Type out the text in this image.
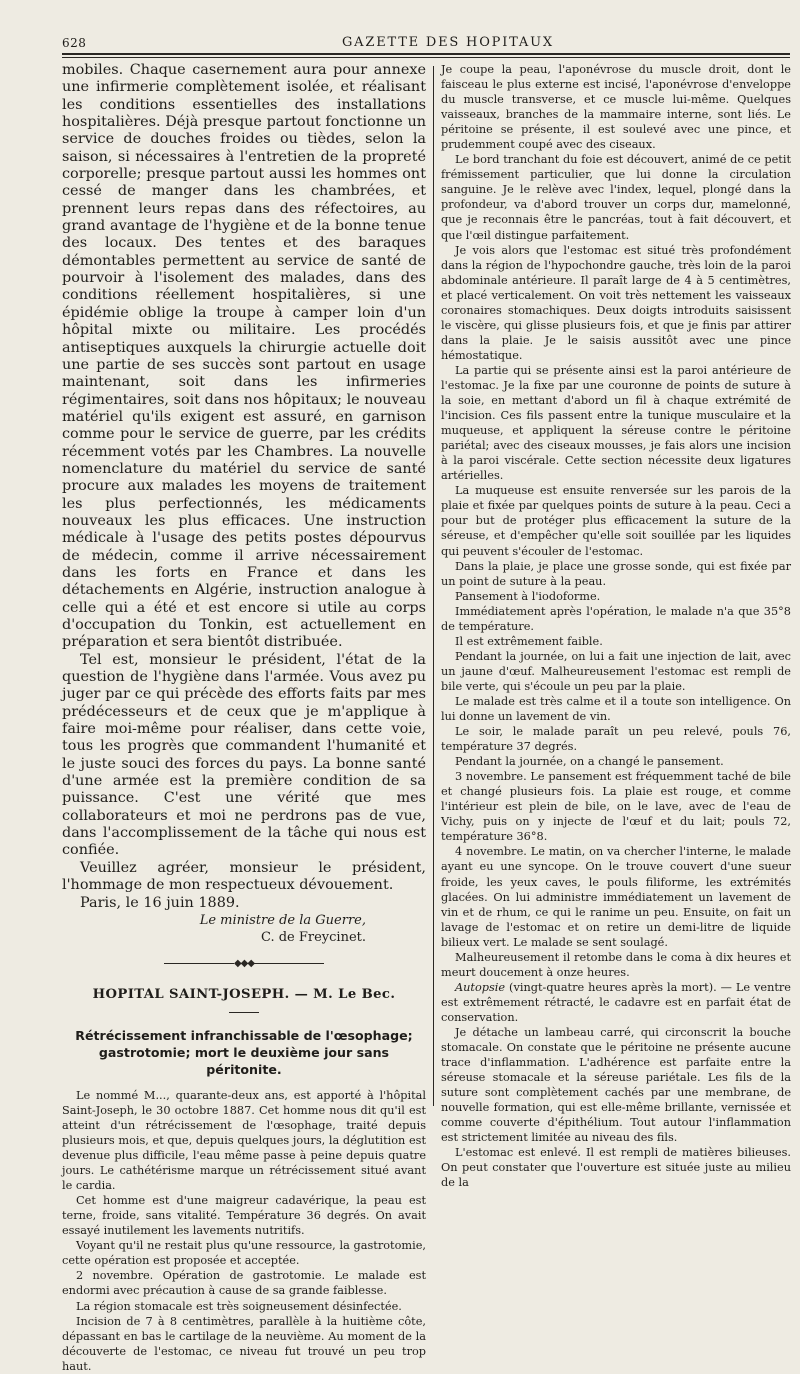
628	GAZETTE DES HOPITAUX

mobiles. Chaque casernement aura pour annexe une infirmerie complètement isolée, et réalisant les conditions essentielles des installations hospitalières. Déjà presque partout fonctionne un service de douches froides ou tièdes, selon la saison, si nécessaires à l'entretien de la propreté corporelle; presque partout aussi les hommes ont cessé de manger dans les chambrées, et prennent leurs repas dans des réfectoires, au grand avantage de l'hygiène et de la bonne tenue des locaux. Des tentes et des baraques démontables permettent au service de santé de pourvoir à l'isolement des malades, dans des conditions réellement hospitalières, si une épidémie oblige la troupe à camper loin d'un hôpital mixte ou militaire. Les procédés antiseptiques auxquels la chirurgie actuelle doit une partie de ses succès sont partout en usage maintenant, soit dans les infirmeries régimentaires, soit dans nos hôpitaux; le nouveau matériel qu'ils exigent est assuré, en garnison comme pour le service de guerre, par les crédits récemment votés par les Chambres. La nouvelle nomenclature du matériel du service de santé procure aux malades les moyens de traitement les plus perfectionnés, les médicaments nouveaux les plus efficaces. Une instruction médicale à l'usage des petits postes dépourvus de médecin, comme il arrive nécessairement dans les forts en France et dans les détachements en Algérie, instruction analogue à celle qui a été et est encore si utile au corps d'occupation du Tonkin, est actuellement en préparation et sera bientôt distribuée.

Tel est, monsieur le président, l'état de la question de l'hygiène dans l'armée. Vous avez pu juger par ce qui précède des efforts faits par mes prédécesseurs et de ceux que je m'applique à faire moi-même pour réaliser, dans cette voie, tous les progrès que commandent l'humanité et le juste souci des forces du pays. La bonne santé d'une armée est la première condition de sa puissance. C'est une vérité que mes collaborateurs et moi ne perdrons pas de vue, dans l'accomplissement de la tâche qui nous est confiée.

Veuillez agréer, monsieur le président, l'hommage de mon respectueux dévouement.

Paris, le 16 juin 1889.

Le ministre de la Guerre,

C. de Freycinet.

◆◆◆

HOPITAL SAINT-JOSEPH. — M. Le Bec.

Rétrécissement infranchissable de l'œsophage; gastrotomie; mort le deuxième jour sans péritonite.

Le nommé M..., quarante-deux ans, est apporté à l'hôpital Saint-Joseph, le 30 octobre 1887. Cet homme nous dit qu'il est atteint d'un rétrécissement de l'œsophage, traité depuis plusieurs mois, et que, depuis quelques jours, la déglutition est devenue plus difficile, l'eau même passe à peine depuis quatre jours. Le cathétérisme marque un rétrécissement situé avant le cardia.

Cet homme est d'une maigreur cadavérique, la peau est terne, froide, sans vitalité. Température 36 degrés. On avait essayé inutilement les lavements nutritifs.

Voyant qu'il ne restait plus qu'une ressource, la gastrotomie, cette opération est proposée et acceptée.

2 novembre. Opération de gastrotomie. Le malade est endormi avec précaution à cause de sa grande faiblesse.

La région stomacale est très soigneusement désinfectée.

Incision de 7 à 8 centimètres, parallèle à la huitième côte, dépassant en bas le cartilage de la neuvième. Au moment de la découverte de l'estomac, ce niveau fut trouvé un peu trop haut.

Je coupe la peau, l'aponévrose du muscle droit, dont le faisceau le plus externe est incisé, l'aponévrose d'enveloppe du muscle transverse, et ce muscle lui-même. Quelques vaisseaux, branches de la mammaire interne, sont liés. Le péritoine se présente, il est soulevé avec une pince, et prudemment coupé avec des ciseaux.

Le bord tranchant du foie est découvert, animé de ce petit frémissement particulier, que lui donne la circulation sanguine. Je le relève avec l'index, lequel, plongé dans la profondeur, va d'abord trouver un corps dur, mamelonné, que je reconnais être le pancréas, tout à fait découvert, et que l'œil distingue parfaitement.

Je vois alors que l'estomac est situé très profondément dans la région de l'hypochondre gauche, très loin de la paroi abdominale antérieure. Il paraît large de 4 à 5 centimètres, et placé verticalement. On voit très nettement les vaisseaux coronaires stomachiques. Deux doigts introduits saisissent le viscère, qui glisse plusieurs fois, et que je finis par attirer dans la plaie. Je le saisis aussitôt avec une pince hémostatique.

La partie qui se présente ainsi est la paroi antérieure de l'estomac. Je la fixe par une couronne de points de suture à la soie, en mettant d'abord un fil à chaque extrémité de l'incision. Ces fils passent entre la tunique musculaire et la muqueuse, et appliquent la séreuse contre le péritoine pariétal; avec des ciseaux mousses, je fais alors une incision à la paroi viscérale. Cette section nécessite deux ligatures artérielles.

La muqueuse est ensuite renversée sur les parois de la plaie et fixée par quelques points de suture à la peau. Ceci a pour but de protéger plus efficacement la suture de la séreuse, et d'empêcher qu'elle soit souillée par les liquides qui peuvent s'écouler de l'estomac.

Dans la plaie, je place une grosse sonde, qui est fixée par un point de suture à la peau.

Pansement à l'iodoforme.

Immédiatement après l'opération, le malade n'a que 35°8 de température.

Il est extrêmement faible.

Pendant la journée, on lui a fait une injection de lait, avec un jaune d'œuf. Malheureusement l'estomac est rempli de bile verte, qui s'écoule un peu par la plaie.

Le malade est très calme et il a toute son intelligence. On lui donne un lavement de vin.

Le soir, le malade paraît un peu relevé, pouls 76, température 37 degrés.

Pendant la journée, on a changé le pansement.

3 novembre. Le pansement est fréquemment taché de bile et changé plusieurs fois. La plaie est rouge, et comme l'intérieur est plein de bile, on le lave, avec de l'eau de Vichy, puis on y injecte de l'œuf et du lait; pouls 72, température 36°8.

4 novembre. Le matin, on va chercher l'interne, le malade ayant eu une syncope. On le trouve couvert d'une sueur froide, les yeux caves, le pouls filiforme, les extrémités glacées. On lui administre immédiatement un lavement de vin et de rhum, ce qui le ranime un peu. Ensuite, on fait un lavage de l'estomac et on retire un demi-litre de liquide bilieux vert. Le malade se sent soulagé.

Malheureusement il retombe dans le coma à dix heures et meurt doucement à onze heures.

Autopsie (vingt-quatre heures après la mort). — Le ventre est extrêmement rétracté, le cadavre est en parfait état de conservation.

Je détache un lambeau carré, qui circonscrit la bouche stomacale. On constate que le péritoine ne présente aucune trace d'inflammation. L'adhérence est parfaite entre la séreuse stomacale et la séreuse pariétale. Les fils de la suture sont complètement cachés par une membrane, de nouvelle formation, qui est elle-même brillante, vernissée et comme couverte d'épithélium. Tout autour l'inflammation est strictement limitée au niveau des fils.

L'estomac est enlevé. Il est rempli de matières bilieuses. On peut constater que l'ouverture est située juste au milieu de la
